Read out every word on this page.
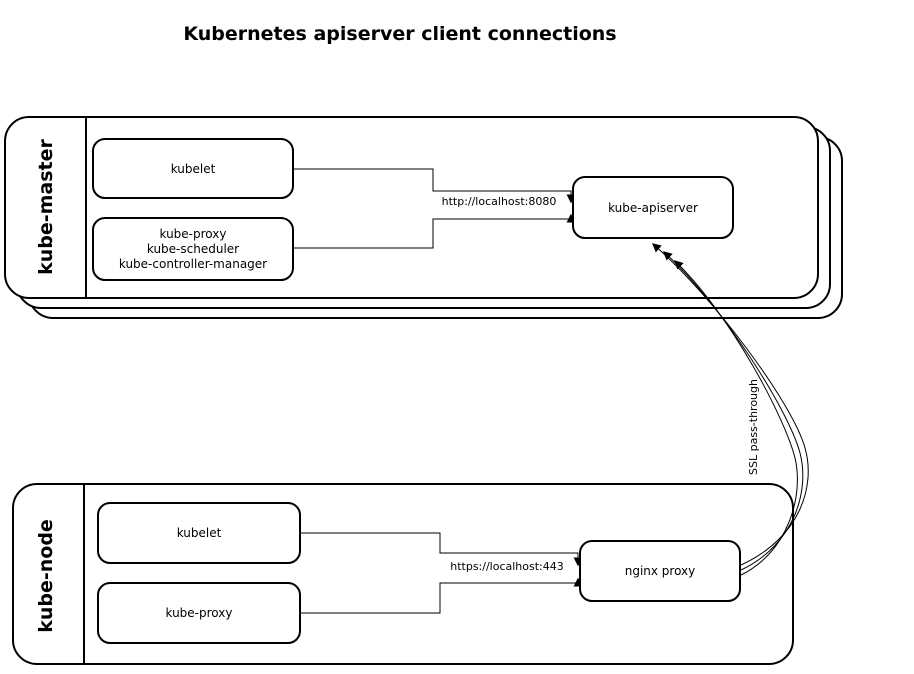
Kubernetes apiserver client connections
kube-master	http://localhost:8080
kubelet
kube-proxy
kube-scheduler
kube-controller-manager
kube-apiserver
kube-node	https://localhost:443
SSL pass-through
kubelet
kube-proxy
nginx proxy
